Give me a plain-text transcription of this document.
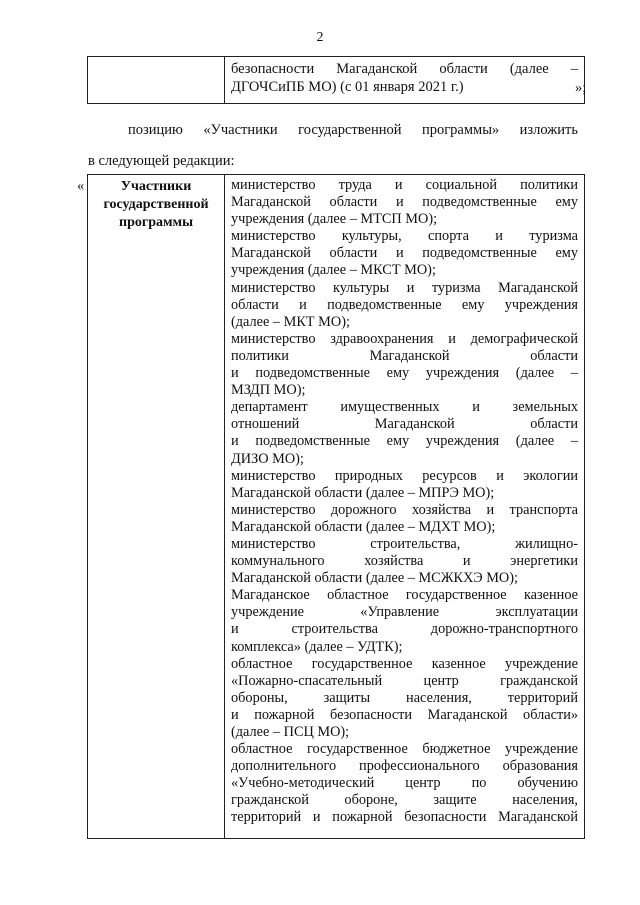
2

безопасности Магаданской области (далее –
ДГОЧСиПБ МО) (с 01 января 2021 г.)	»;
позицию «Участники государственной программы» изложить
в следующей редакции:
«	Участники
государственной
программы

министерство труда и социальной политики
Магаданской области и подведомственные ему
учреждения (далее – МТСП МО);
министерство культуры, спорта и туризма
Магаданской области и подведомственные ему
учреждения (далее – МКСТ МО);
министерство культуры и туризма Магаданской
области и подведомственные ему учреждения
(далее – МКТ МО);
министерство здравоохранения и демографической
политики Магаданской области
и подведомственные ему учреждения (далее –
МЗДП МО);
департамент имущественных и земельных
отношений Магаданской области
и подведомственные ему учреждения (далее –
ДИЗО МО);
министерство природных ресурсов и экологии
Магаданской области (далее – МПРЭ МО);
министерство дорожного хозяйства и транспорта
Магаданской области (далее – МДХТ МО);
министерство строительства, жилищно-
коммунального хозяйства и энергетики
Магаданской области (далее – МСЖКХЭ МО);
Магаданское областное государственное казенное
учреждение «Управление эксплуатации
и строительства дорожно-транспортного
комплекса» (далее – УДТК);
областное государственное казенное учреждение
«Пожарно-спасательный центр гражданской
обороны, защиты населения, территорий
и пожарной безопасности Магаданской области»
(далее – ПСЦ МО);
областное государственное бюджетное учреждение
дополнительного профессионального образования
«Учебно-методический центр по обучению
гражданской обороне, защите населения,
территорий и пожарной безопасности Магаданской
